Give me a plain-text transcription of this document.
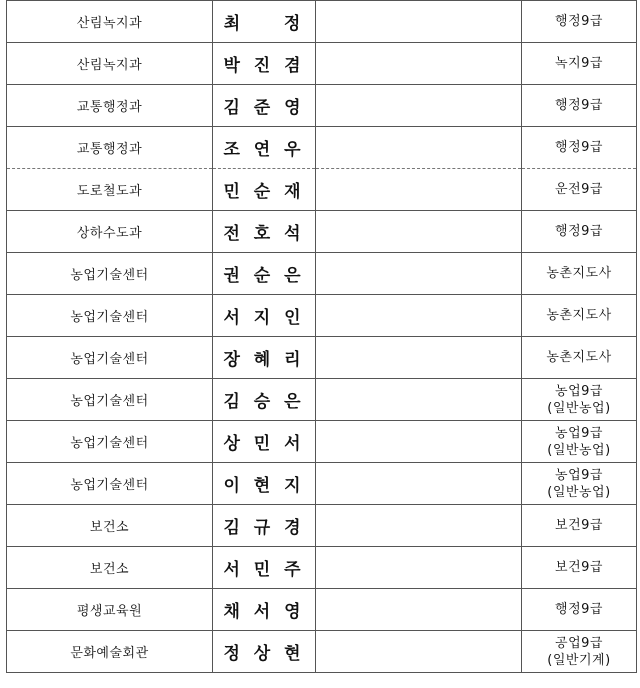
산림녹지과	최    정		행정9급

산림녹지과	박 진 겸		녹지9급

교통행정과	김 준 영		행정9급

교통행정과	조 연 우		행정9급

도로철도과	민 순 재		운전9급

상하수도과	전 호 석		행정9급

농업기술센터	권 순 은		농촌지도사

농업기술센터	서 지 인		농촌지도사

농업기술센터	장 혜 리		농촌지도사

농업기술센터	김 승 은		농업9급
(일반농업)

농업기술센터	상 민 서		농업9급
(일반농업)

농업기술센터	이 현 지		농업9급
(일반농업)

보건소	김 규 경		보건9급

보건소	서 민 주		보건9급

평생교육원	채 서 영		행정9급

문화예술회관	정 상 현		공업9급
(일반기계)
